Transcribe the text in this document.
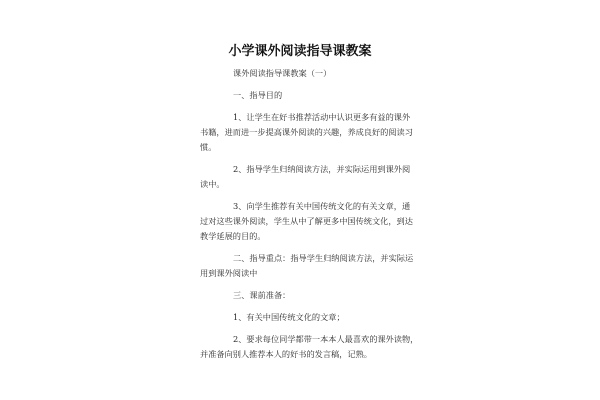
小学课外阅读指导课教案
课外阅读指导课教案（一）
一、指导目的
1、让学生在好书推荐活动中认识更多有益的课外
书籍，进而进一步提高课外阅读的兴趣，养成良好的阅读习
惯。
2、指导学生归纳阅读方法，并实际运用到课外阅
读中。
3、向学生推荐有关中国传统文化的有关文章，通
过对这些课外阅读，学生从中了解更多中国传统文化，到达
教学延展的目的。
二、指导重点：指导学生归纳阅读方法，并实际运
用到课外阅读中
三、课前准备：
1、有关中国传统文化的文章；
2、要求每位同学都带一本本人最喜欢的课外读物，
并准备向别人推荐本人的好书的发言稿，记熟。
